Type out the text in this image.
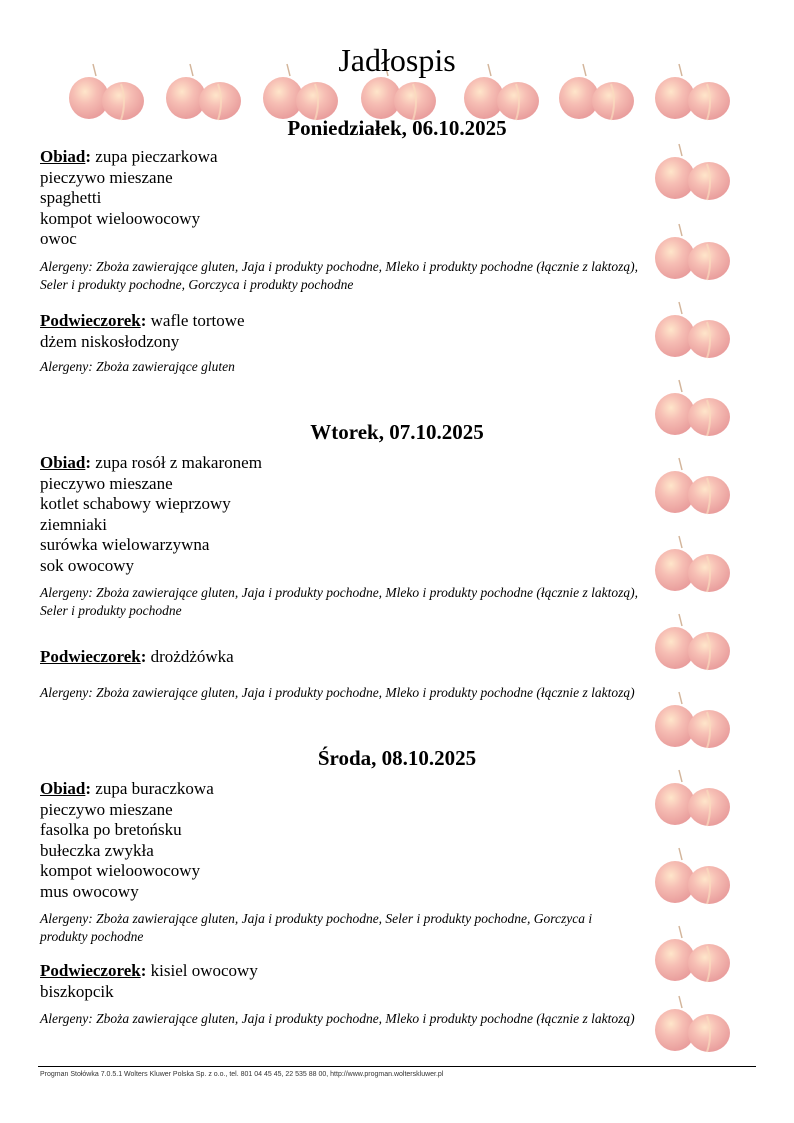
Jadłospis
Poniedziałek, 06.10.2025
Obiad: zupa pieczarkowa
pieczywo mieszane
spaghetti
kompot wieloowocowy
owoc
Alergeny: Zboża zawierające gluten, Jaja i produkty pochodne, Mleko i produkty pochodne (łącznie z laktozą),
Seler i produkty pochodne, Gorczyca i produkty pochodne
Podwieczorek: wafle tortowe
dżem niskosłodzony
Alergeny: Zboża zawierające gluten
Wtorek, 07.10.2025
Obiad: zupa rosół z makaronem
pieczywo mieszane
kotlet schabowy wieprzowy
ziemniaki
surówka wielowarzywna
sok owocowy
Alergeny: Zboża zawierające gluten, Jaja i produkty pochodne, Mleko i produkty pochodne (łącznie z laktozą),
Seler i produkty pochodne
Podwieczorek: drożdżówka
Alergeny: Zboża zawierające gluten, Jaja i produkty pochodne, Mleko i produkty pochodne (łącznie z laktozą)
Środa, 08.10.2025
Obiad: zupa buraczkowa
pieczywo mieszane
fasolka po bretońsku
bułeczka zwykła
kompot wieloowocowy
mus owocowy
Alergeny: Zboża zawierające gluten, Jaja i produkty pochodne, Seler i produkty pochodne, Gorczyca i
produkty pochodne
Podwieczorek: kisiel owocowy
biszkopcik
Alergeny: Zboża zawierające gluten, Jaja i produkty pochodne, Mleko i produkty pochodne (łącznie z laktozą)
Progman Stołówka 7.0.5.1 Wolters Kluwer Polska Sp. z o.o., tel. 801 04 45 45, 22 535 88 00, http://www.progman.wolterskluwer.pl
